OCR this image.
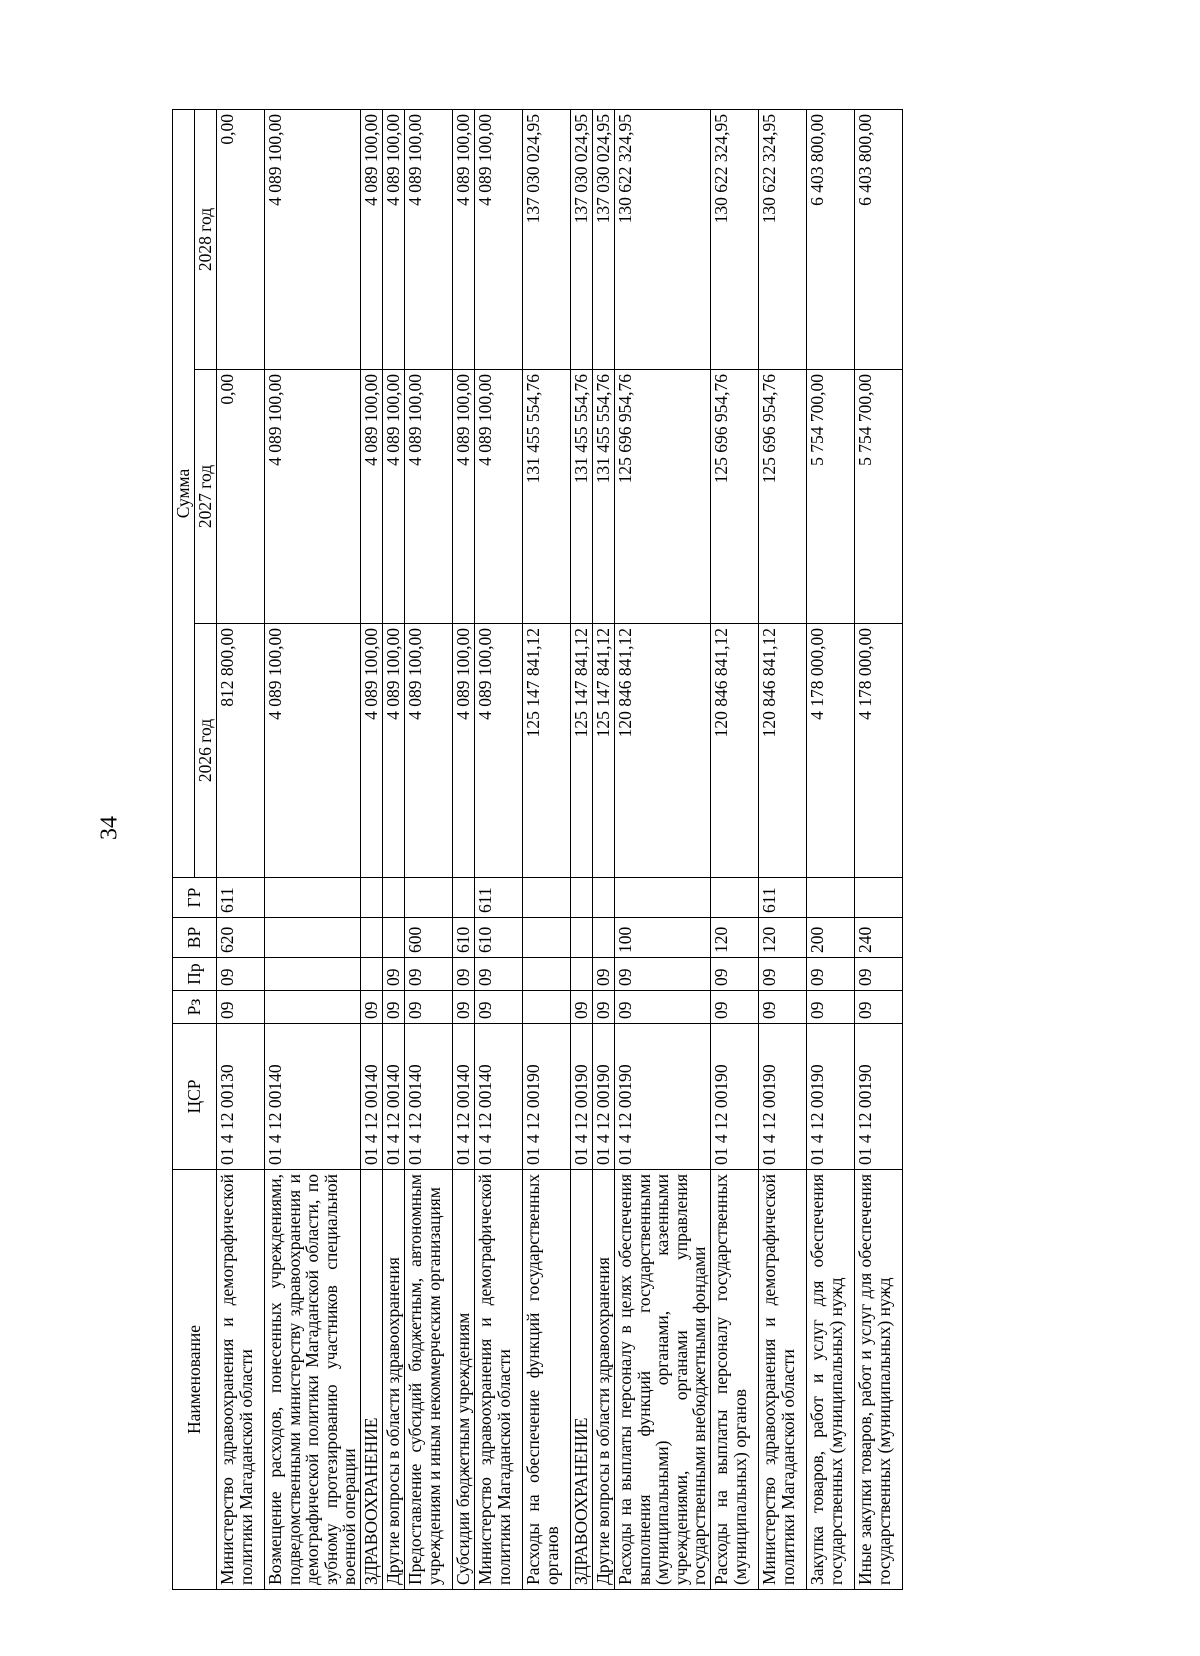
34
Наименование	ЦСР	Рз	Пр	ВР	ГР	Сумма		
						2026 год	2027 год	2028 год
Министерство здравоохранения и демографической политики Магаданской области	01 4 12 00130	09	09	620	611	812 800,00	0,00	0,00
Возмещение расходов, понесенных учреждениями, подведомственными министерству здравоохранения и демографической политики Магаданской области, по зубному протезированию участников специальной военной операции	01 4 12 00140					4 089 100,00	4 089 100,00	4 089 100,00
ЗДРАВООХРАНЕНИЕ	01 4 12 00140	09				4 089 100,00	4 089 100,00	4 089 100,00
Другие вопросы в области здравоохранения	01 4 12 00140	09	09			4 089 100,00	4 089 100,00	4 089 100,00
Предоставление субсидий бюджетным, автономным учреждениям и иным некоммерческим организациям	01 4 12 00140	09	09	600		4 089 100,00	4 089 100,00	4 089 100,00
Субсидии бюджетным учреждениям	01 4 12 00140	09	09	610		4 089 100,00	4 089 100,00	4 089 100,00
Министерство здравоохранения и демографической политики Магаданской области	01 4 12 00140	09	09	610	611	4 089 100,00	4 089 100,00	4 089 100,00
Расходы на обеспечение функций государственных органов	01 4 12 00190					125 147 841,12	131 455 554,76	137 030 024,95
ЗДРАВООХРАНЕНИЕ	01 4 12 00190	09				125 147 841,12	131 455 554,76	137 030 024,95
Другие вопросы в области здравоохранения	01 4 12 00190	09	09			125 147 841,12	131 455 554,76	137 030 024,95
Расходы на выплаты персоналу в целях обеспечения выполнения функций государственными (муниципальными) органами, казенными учреждениями, органами управления государственными внебюджетными фондами	01 4 12 00190	09	09	100		120 846 841,12	125 696 954,76	130 622 324,95
Расходы на выплаты персоналу государственных (муниципальных) органов	01 4 12 00190	09	09	120		120 846 841,12	125 696 954,76	130 622 324,95
Министерство здравоохранения и демографической политики Магаданской области	01 4 12 00190	09	09	120	611	120 846 841,12	125 696 954,76	130 622 324,95
Закупка товаров, работ и услуг для обеспечения государственных (муниципальных) нужд	01 4 12 00190	09	09	200		4 178 000,00	5 754 700,00	6 403 800,00
Иные закупки товаров, работ и услуг для обеспечения государственных (муниципальных) нужд	01 4 12 00190	09	09	240		4 178 000,00	5 754 700,00	6 403 800,00
